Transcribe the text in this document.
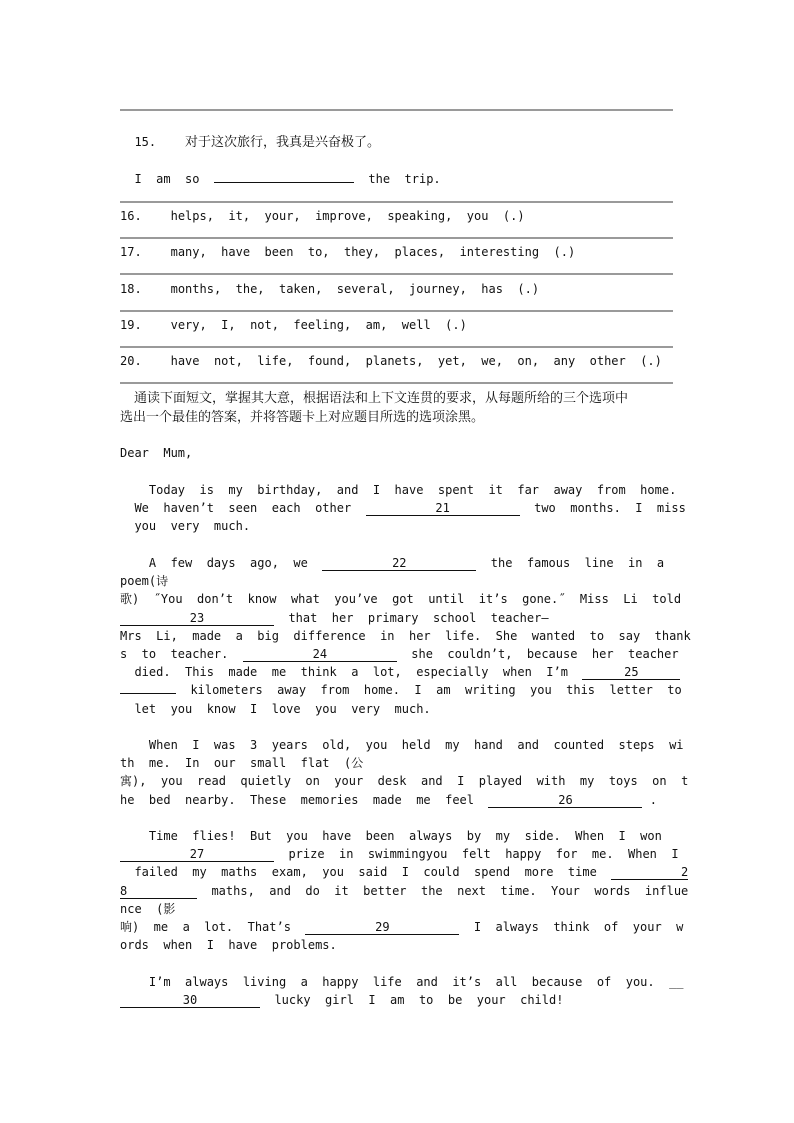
15. 对于这次旅行，我真是兴奋极了。

I  am  so	the  trip.

16. helps,  it,  your,  improve,  speaking,  you  (.)
17. many,  have  been  to,  they,  places,  interesting  (.)
18. months,  the,  taken,  several,  journey,  has  (.)
19. very,  I,  not,  feeling,  am,  well  (.)
20. have  not,  life,  found,  planets,  yet,  we,  on,  any  other  (.)
通读下面短文，掌握其大意，根据语法和上下文连贯的要求，从每题所给的三个选项中
选出一个最佳的答案，并将答题卡上对应题目所选的选项涂黑。
Dear  Mum,
Today  is  my  birthday,  and  I  have  spent  it  far  away  from  home.
We  haven’t  seen  each  other	21	two  months.  I  miss
you  very  much.
A  few  days  ago,  we	22	the  famous  line  in  a
poem(诗
歌)  ˝You  don’t  know  what  you’ve  got  until  it’s  gone.˝  Miss  Li  told
23	that  her  primary  school  teacher—
Mrs  Li,  made  a  big  difference  in  her  life.  She  wanted  to  say  thank
s  to  teacher.	24	she  couldn’t,  because  her  teacher
died.  This  made  me  think  a  lot,  especially  when  I’m	25
kilometers  away  from  home.  I  am  writing  you  this  letter  to
let  you  know  I  love  you  very  much.
When  I  was  3  years  old,  you  held  my  hand  and  counted  steps  wi
th  me.  In  our  small  flat  (公
寓),  you  read  quietly  on  your  desk  and  I  played  with  my  toys  on  t
he  bed  nearby.  These  memories  made  me  feel	26	.
Time  flies!  But  you  have  been  always  by  my  side.  When  I  won
27	prize  in  swimmingyou  felt  happy  for  me.  When  I
failed  my  maths  exam,  you  said  I  could  spend  more  time	2
8	maths,  and  do  it  better  the  next  time.  Your  words  influe
nce  (影
响)  me  a  lot.  That’s	29	I  always  think  of  your  w
ords  when  I  have  problems.
I’m  always  living  a  happy  life  and  it’s  all  because  of  you.  __
30	lucky  girl  I  am  to  be  your  child!
